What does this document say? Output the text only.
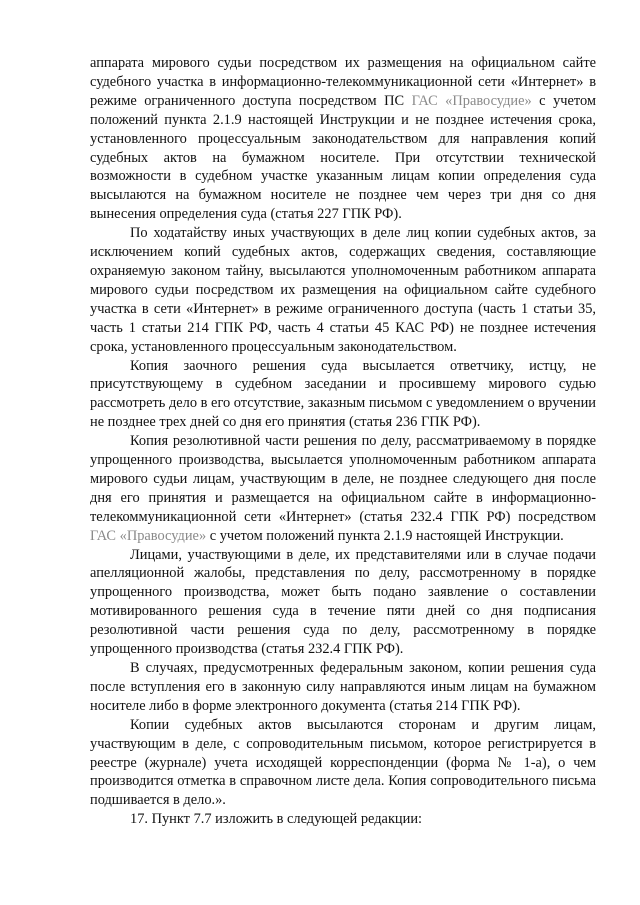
аппарата мирового судьи посредством их размещения на официальном сайте судебного участка в информационно-телекоммуникационной сети «Интернет» в режиме ограниченного доступа посредством ПС ГАС «Правосудие» с учетом положений пункта 2.1.9 настоящей Инструкции и не позднее истечения срока, установленного процессуальным законодательством для направления копий судебных актов на бумажном носителе. При отсутствии технической возможности в судебном участке указанным лицам копии определения суда высылаются на бумажном носителе не позднее чем через три дня со дня вынесения определения суда (статья 227 ГПК РФ).

По ходатайству иных участвующих в деле лиц копии судебных актов, за исключением копий судебных актов, содержащих сведения, составляющие охраняемую законом тайну, высылаются уполномоченным работником аппарата мирового судьи посредством их размещения на официальном сайте судебного участка в сети «Интернет» в режиме ограниченного доступа (часть 1 статьи 35, часть 1 статьи 214 ГПК РФ, часть 4 статьи 45 КАС РФ) не позднее истечения срока, установленного процессуальным законодательством.

Копия заочного решения суда высылается ответчику, истцу, не присутствующему в судебном заседании и просившему мирового судью рассмотреть дело в его отсутствие, заказным письмом с уведомлением о вручении не позднее трех дней со дня его принятия (статья 236 ГПК РФ).

Копия резолютивной части решения по делу, рассматриваемому в порядке упрощенного производства, высылается уполномоченным работником аппарата мирового судьи лицам, участвующим в деле, не позднее следующего дня после дня его принятия и размещается на официальном сайте в информационно-телекоммуникационной сети «Интернет» (статья 232.4 ГПК РФ) посредством ГАС «Правосудие» с учетом положений пункта 2.1.9 настоящей Инструкции.

Лицами, участвующими в деле, их представителями или в случае подачи апелляционной жалобы, представления по делу, рассмотренному в порядке упрощенного производства, может быть подано заявление о составлении мотивированного решения суда в течение пяти дней со дня подписания резолютивной части решения суда по делу, рассмотренному в порядке упрощенного производства (статья 232.4 ГПК РФ).

В случаях, предусмотренных федеральным законом, копии решения суда после вступления его в законную силу направляются иным лицам на бумажном носителе либо в форме электронного документа (статья 214 ГПК РФ).

Копии судебных актов высылаются сторонам и другим лицам, участвующим в деле, с сопроводительным письмом, которое регистрируется в реестре (журнале) учета исходящей корреспонденции (форма № 1-а), о чем производится отметка в справочном листе дела. Копия сопроводительного письма подшивается в дело.».

17. Пункт 7.7 изложить в следующей редакции:
